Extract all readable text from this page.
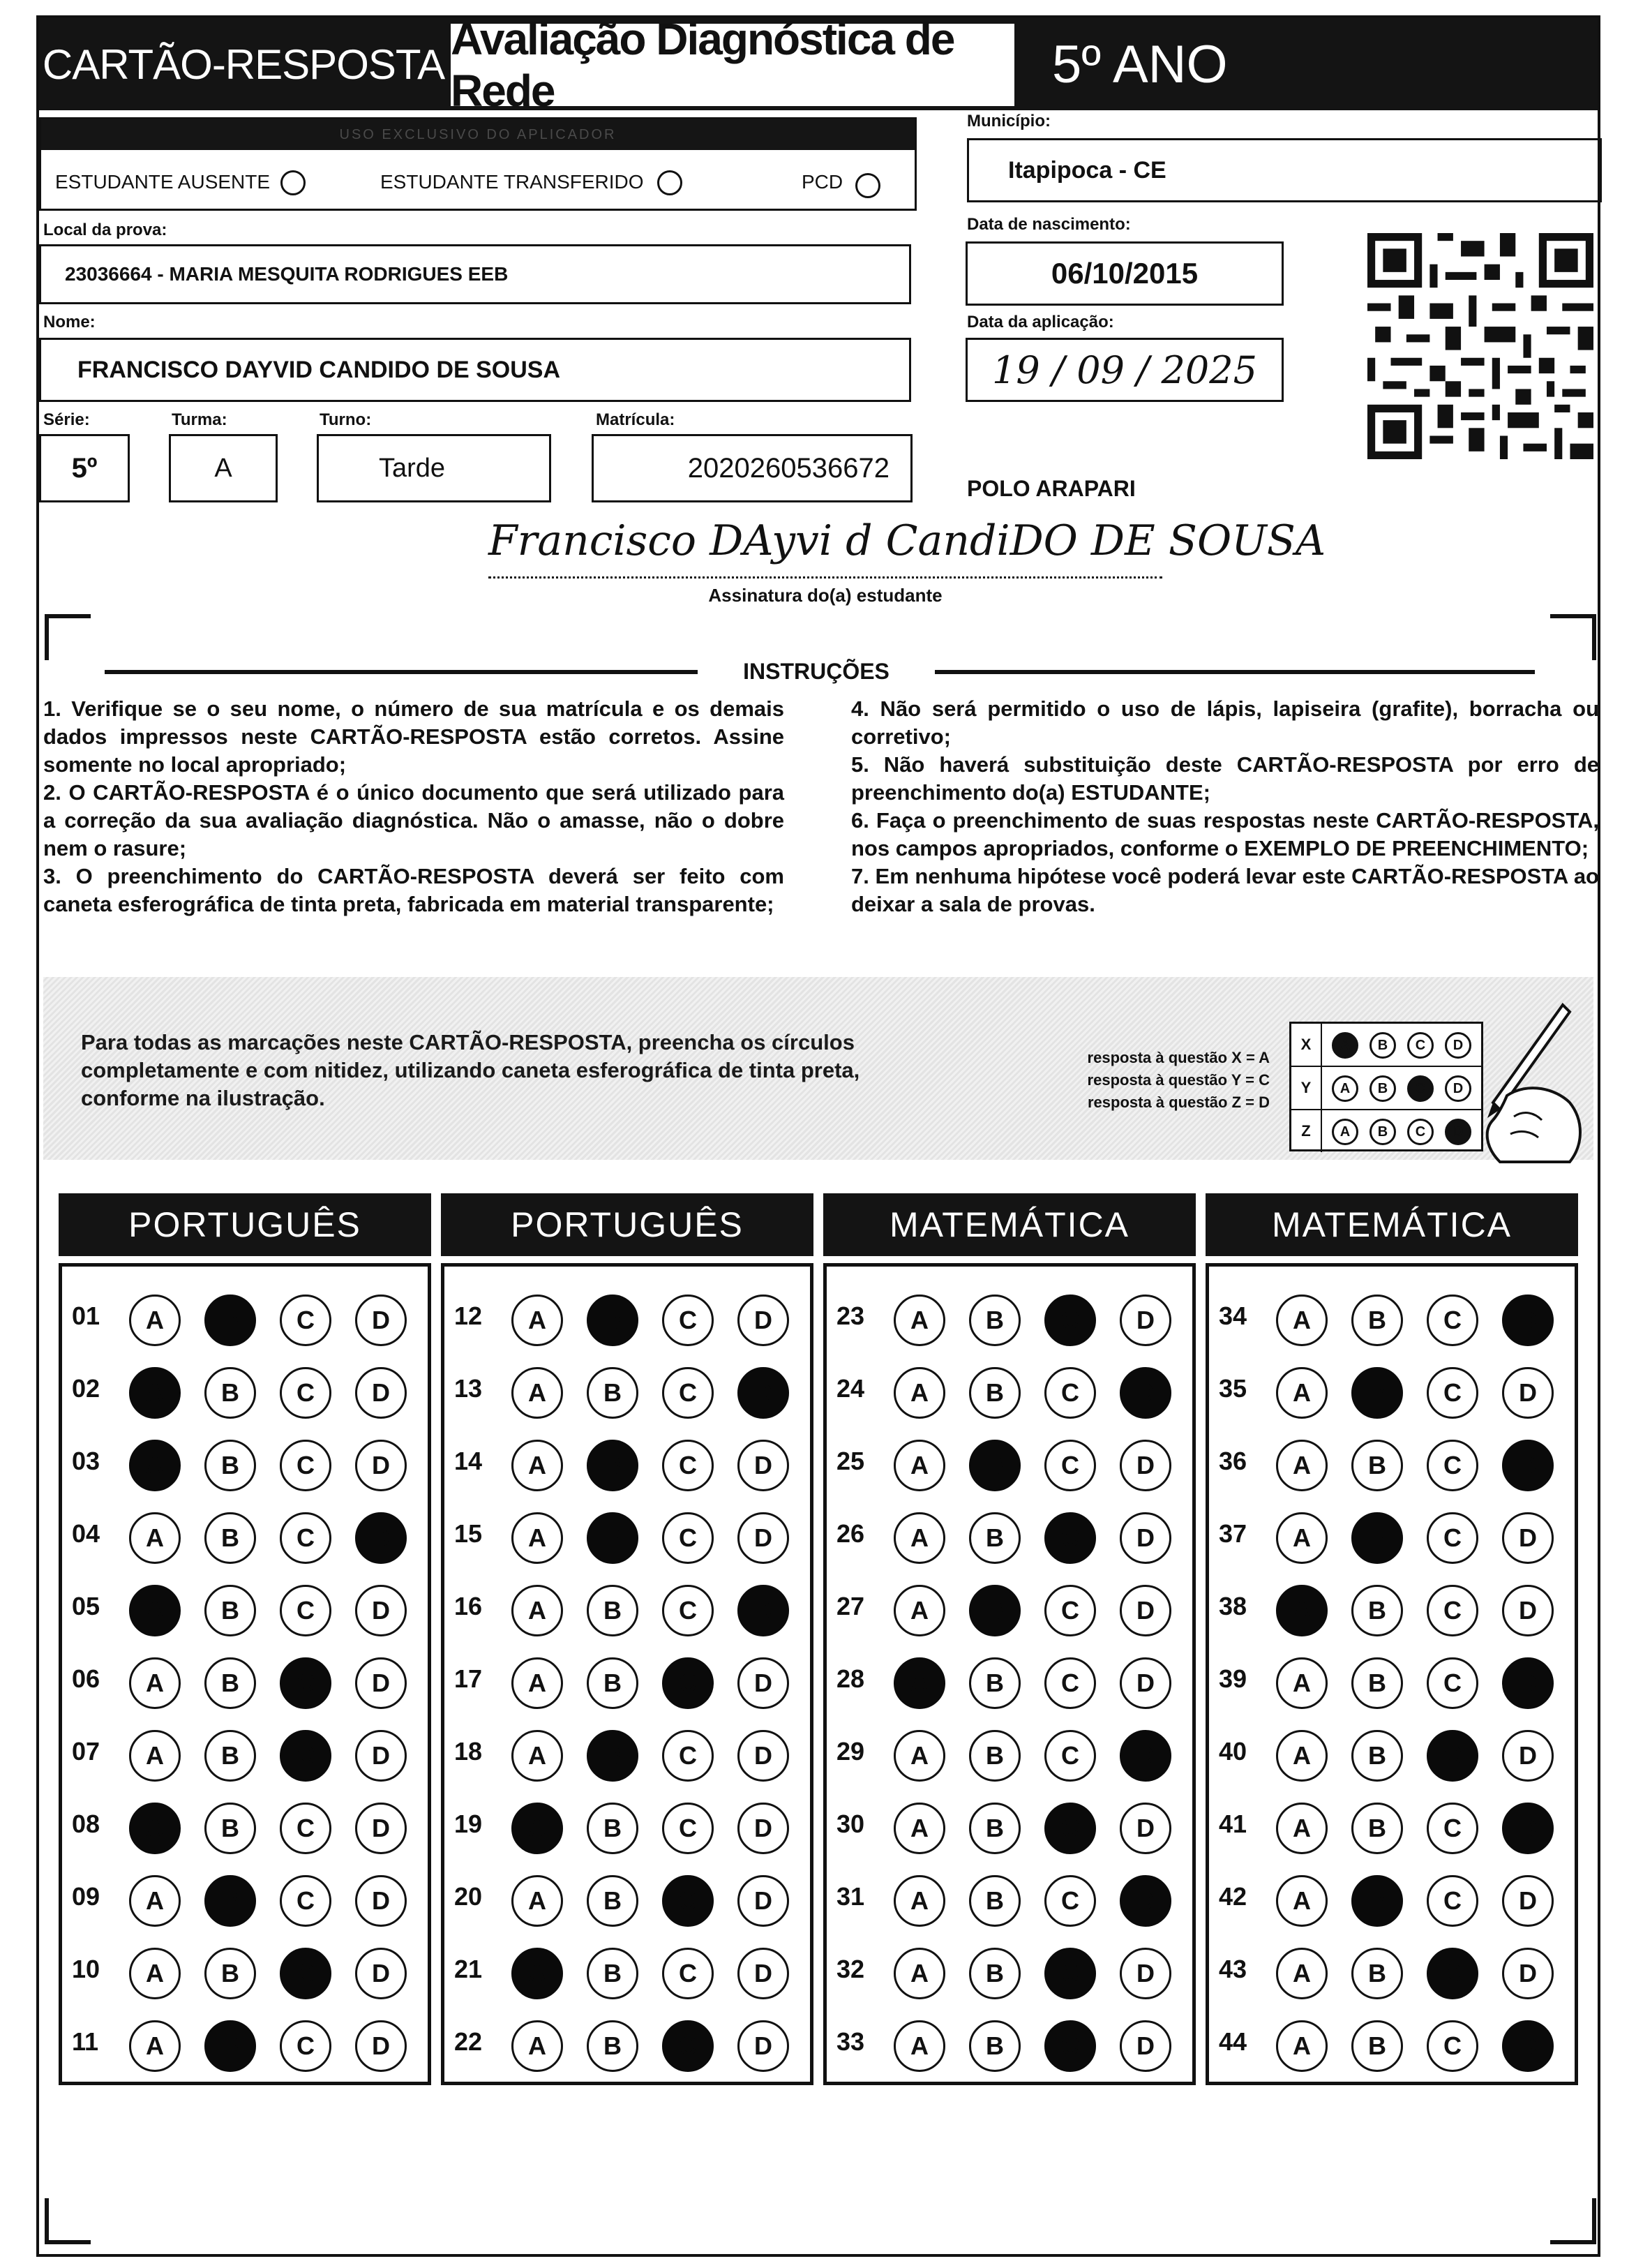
CARTÃO-RESPOSTA Avaliação Diagnóstica de Rede	5º ANO
USO EXCLUSIVO DO APLICADOR
ESTUDANTE AUSENTE	ESTUDANTE TRANSFERIDO	PCD
Município:
Itapipoca - CE
Local da prova:
23036664 - MARIA MESQUITA RODRIGUES EEB
Data de nascimento:
06/10/2015
Data da aplicação:
19 / 09 / 2025
Nome:
FRANCISCO DAYVID CANDIDO DE SOUSA
Série:
5º
Turma:
A
Turno:
Tarde
Matrícula:
2020260536672
POLO ARAPARI
Francisco DAyvi d CandiDO DE SOUSA
Assinatura do(a) estudante
INSTRUÇÕES
1. Verifique se o seu nome, o número de sua matrícula e os demais dados impressos neste CARTÃO-RESPOSTA estão corretos. Assine somente no local apropriado;
2. O CARTÃO-RESPOSTA é o único documento que será utilizado para a correção da sua avaliação diagnóstica. Não o amasse, não o dobre nem o rasure;
3. O preenchimento do CARTÃO-RESPOSTA deverá ser feito com caneta esferográfica de tinta preta, fabricada em material transparente;
4. Não será permitido o uso de lápis, lapiseira (grafite), borracha ou corretivo;
5. Não haverá substituição deste CARTÃO-RESPOSTA por erro de preenchimento do(a) ESTUDANTE;
6. Faça o preenchimento de suas respostas neste CARTÃO-RESPOSTA, nos campos apropriados, conforme o EXEMPLO DE PREENCHIMENTO;
7. Em nenhuma hipótese você poderá levar este CARTÃO-RESPOSTA ao deixar a sala de provas.
Para todas as marcações neste CARTÃO-RESPOSTA, preencha os círculos completamente e com nitidez, utilizando caneta esferográfica de tinta preta, conforme na ilustração.
resposta à questão X = A
resposta à questão Y = C
resposta à questão Z = D
X	A	B	C	D
Y	A	B	C	D
Z	A	B	C	D
PORTUGUÊS
01	A	B	C	D
02	A	B	C	D
03	A	B	C	D
04	A	B	C	D
05	A	B	C	D
06	A	B	C	D
07	A	B	C	D
08	A	B	C	D
09	A	B	C	D
10	A	B	C	D
11	A	B	C	D
PORTUGUÊS
12	A	B	C	D
13	A	B	C	D
14	A	B	C	D
15	A	B	C	D
16	A	B	C	D
17	A	B	C	D
18	A	B	C	D
19	A	B	C	D
20	A	B	C	D
21	A	B	C	D
22	A	B	C	D
MATEMÁTICA
23	A	B	C	D
24	A	B	C	D
25	A	B	C	D
26	A	B	C	D
27	A	B	C	D
28	A	B	C	D
29	A	B	C	D
30	A	B	C	D
31	A	B	C	D
32	A	B	C	D
33	A	B	C	D
MATEMÁTICA
34	A	B	C	D
35	A	B	C	D
36	A	B	C	D
37	A	B	C	D
38	A	B	C	D
39	A	B	C	D
40	A	B	C	D
41	A	B	C	D
42	A	B	C	D
43	A	B	C	D
44	A	B	C	D
